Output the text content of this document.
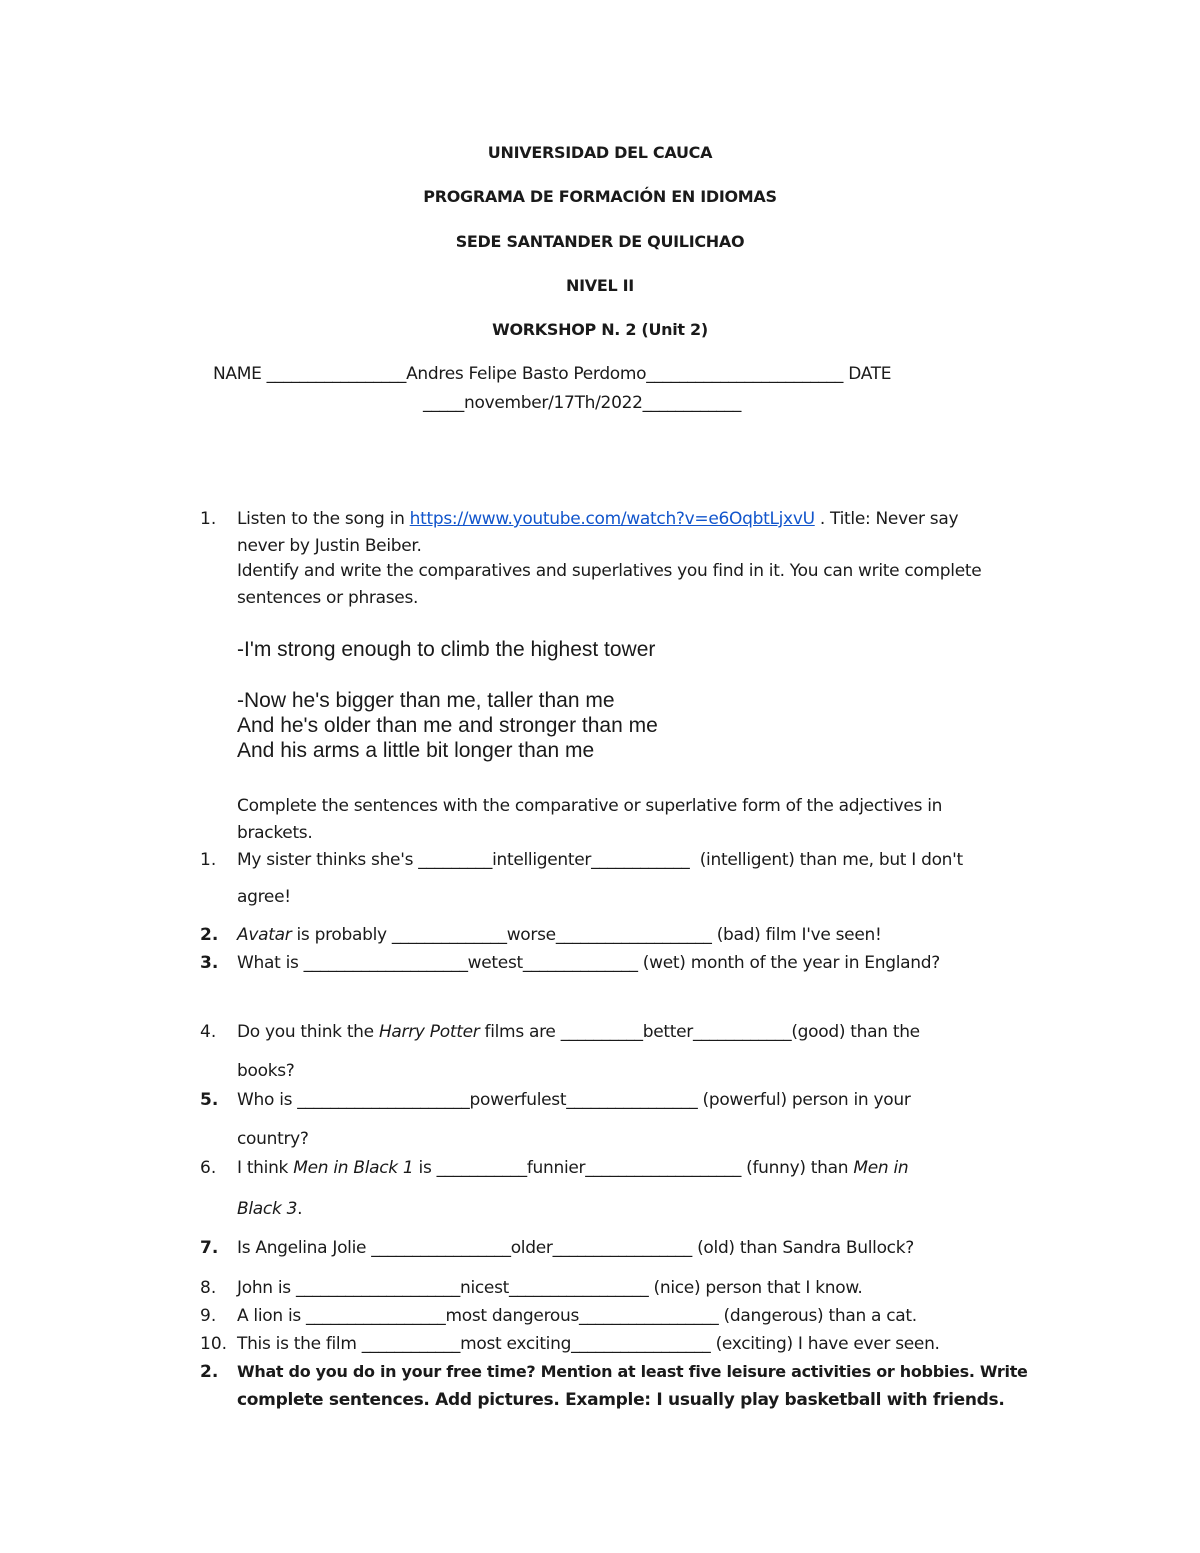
UNIVERSIDAD DEL CAUCA
PROGRAMA DE FORMACIÓN EN IDIOMAS
SEDE SANTANDER DE QUILICHAO
NIVEL II
WORKSHOP N. 2 (Unit 2)
NAME _________________Andres Felipe Basto Perdomo________________________ DATE
_____november/17Th/2022____________
1.	Listen to the song in https://www.youtube.com/watch?v=e6OqbtLjxvU . Title: Never say
never by Justin Beiber.
Identify and write the comparatives and superlatives you find in it. You can write complete
sentences or phrases.
-I'm strong enough to climb the highest tower
-Now he's bigger than me, taller than me
And he's older than me and stronger than me
And his arms a little bit longer than me
Complete the sentences with the comparative or superlative form of the adjectives in
brackets.
1.	My sister thinks she's _________intelligenter____________  (intelligent) than me, but I don't
agree!
2.	Avatar is probably ______________worse___________________ (bad) film I've seen!
3.	What is ____________________wetest______________ (wet) month of the year in England?
4.	Do you think the Harry Potter films are __________better____________(good) than the
books?
5.	Who is _____________________powerfulest________________ (powerful) person in your
country?
6.	I think Men in Black 1 is ___________funnier___________________ (funny) than Men in
Black 3.
7.	Is Angelina Jolie _________________older_________________ (old) than Sandra Bullock?
8.	John is ____________________nicest_________________ (nice) person that I know.
9.	A lion is _________________most dangerous_________________ (dangerous) than a cat.
10. This is the film ____________most exciting_________________ (exciting) I have ever seen.
2.	What do you do in your free time? Mention at least five leisure activities or hobbies. Write
complete sentences. Add pictures. Example: I usually play basketball with friends.
